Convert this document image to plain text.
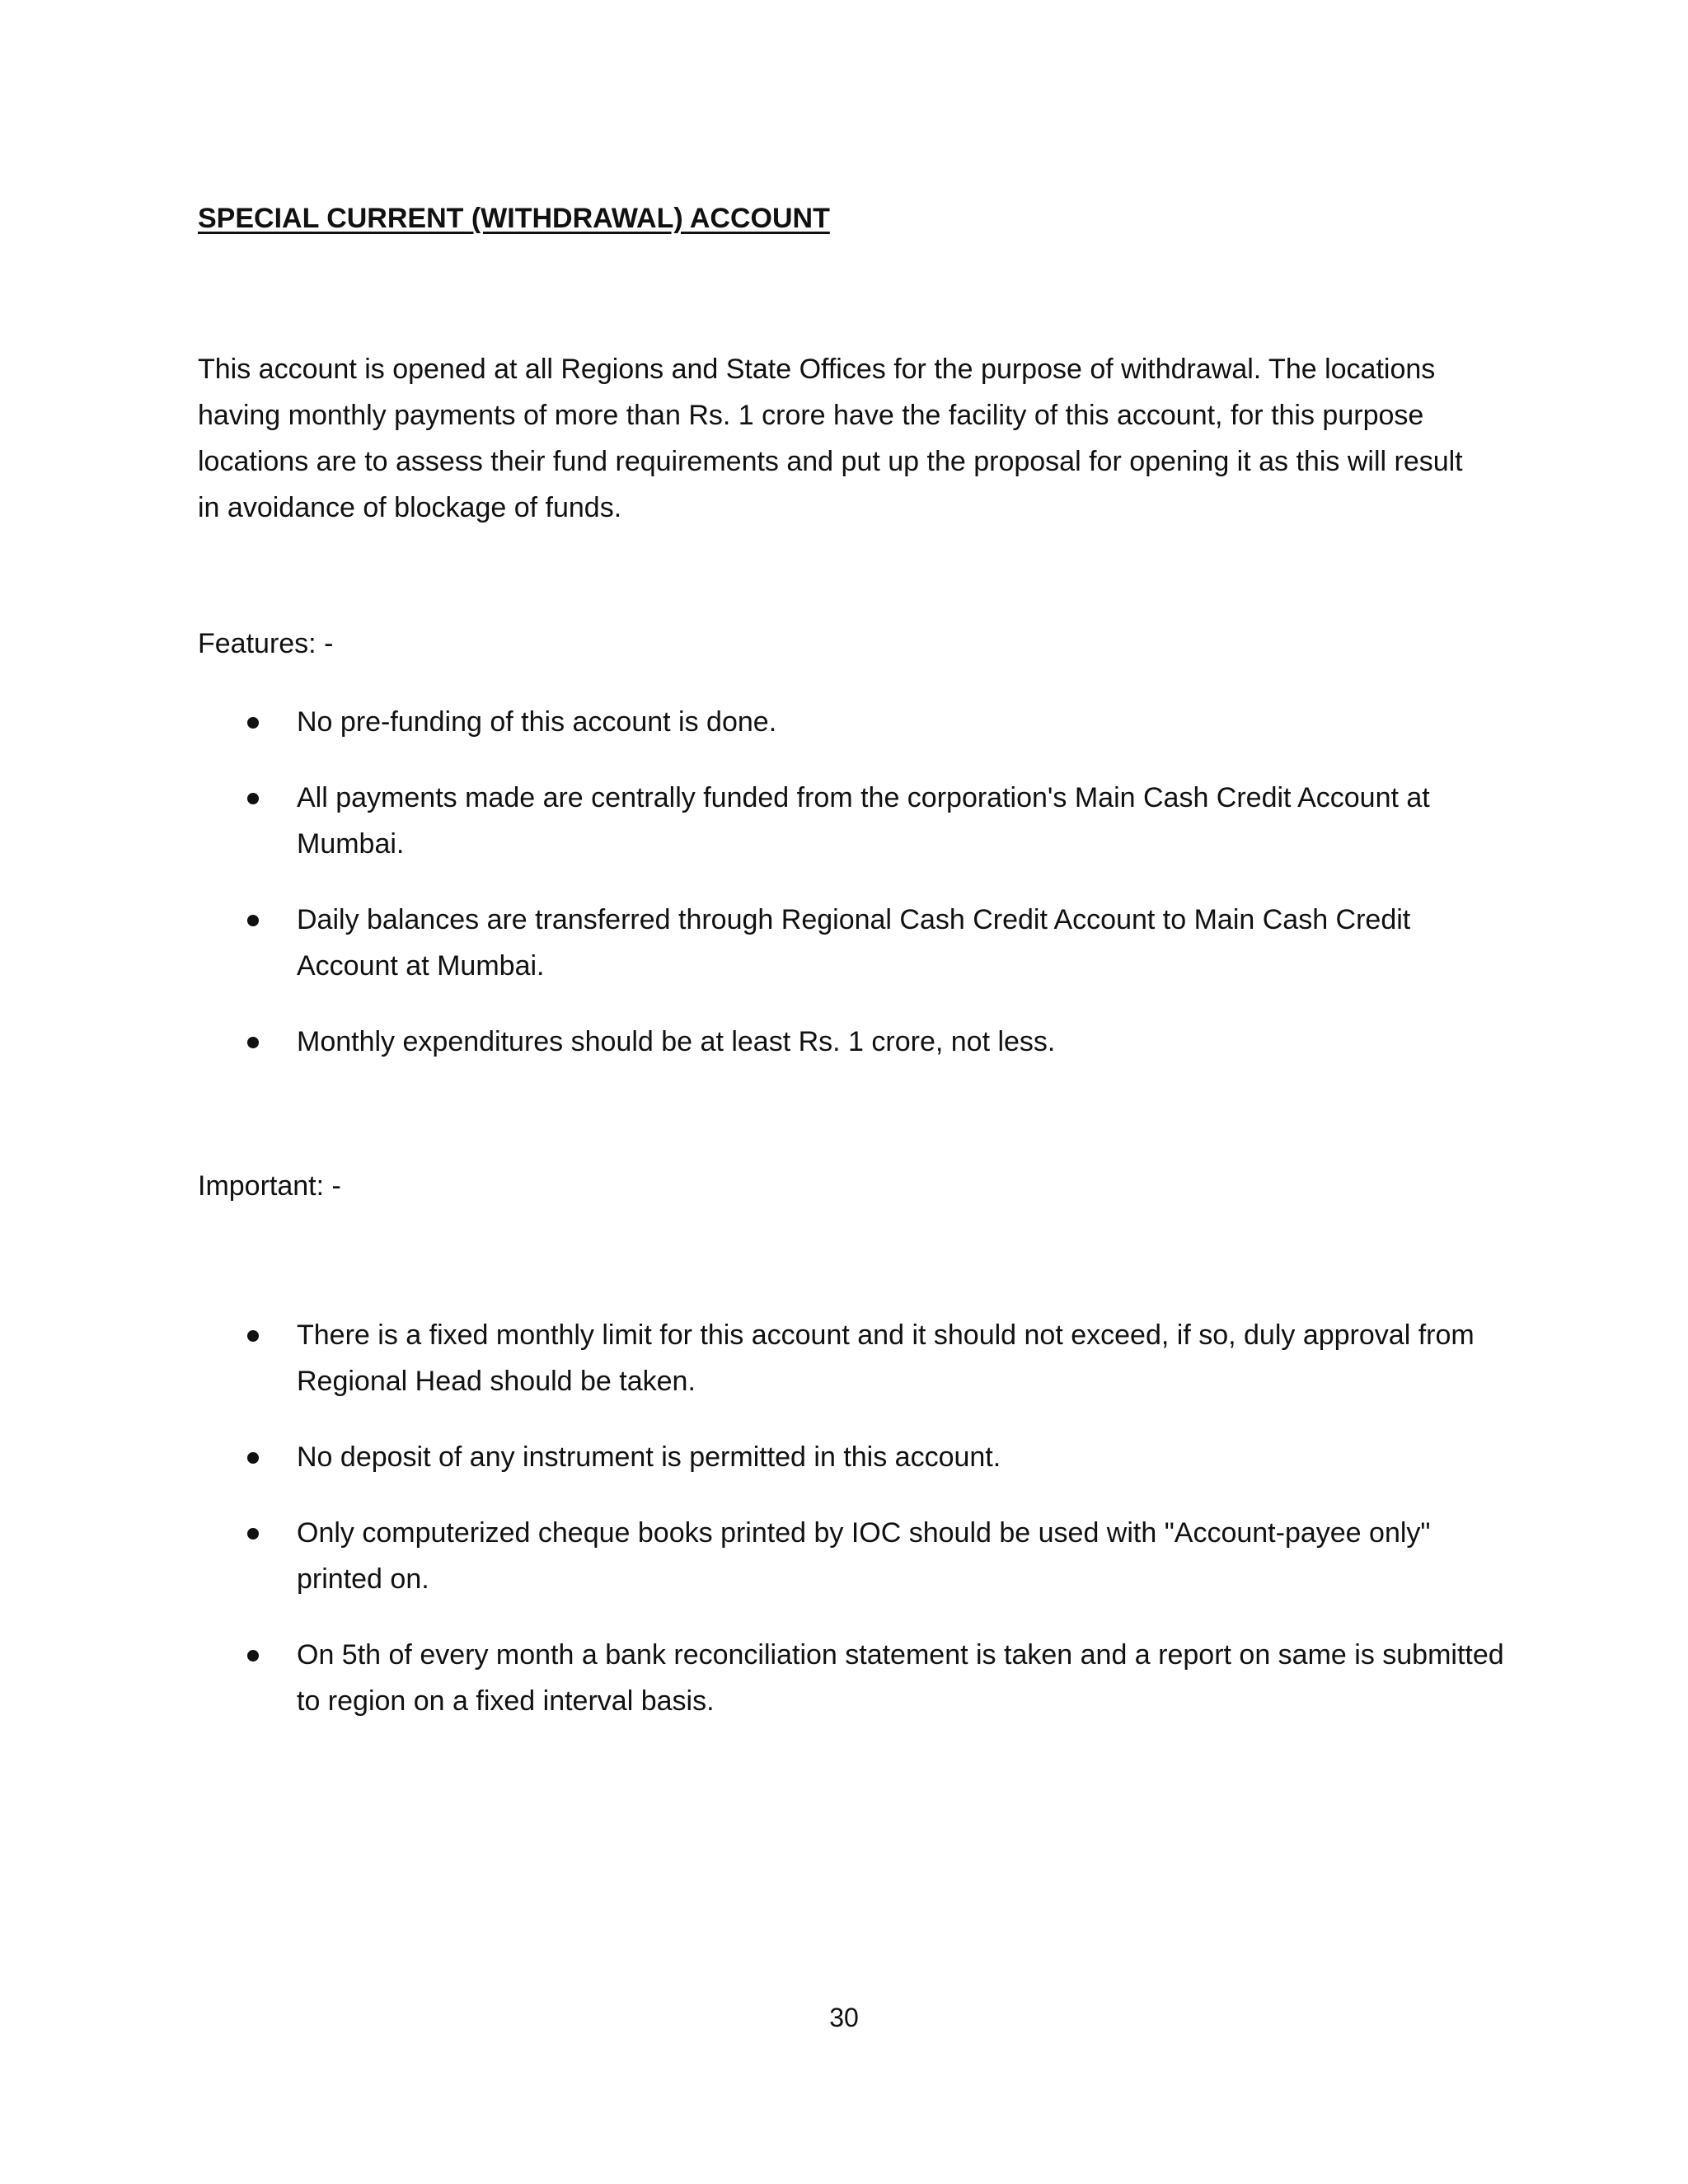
SPECIAL CURRENT (WITHDRAWAL) ACCOUNT
This account is opened at all Regions and State Offices for the purpose of withdrawal. The locations having monthly payments of more than Rs. 1 crore have the facility of this account, for this purpose locations are to assess their fund requirements and put up the proposal for opening it as this will result in avoidance of blockage of funds.
Features: -
No pre-funding of this account is done.
All payments made are centrally funded from the corporation's Main Cash Credit Account at Mumbai.
Daily balances are transferred through Regional Cash Credit Account to Main Cash Credit Account at Mumbai.
Monthly expenditures should be at least Rs. 1 crore, not less.
Important: -
There is a fixed monthly limit for this account and it should not exceed, if so, duly approval from Regional Head should be taken.
No deposit of any instrument is permitted in this account.
Only computerized cheque books printed by IOC should be used with "Account-payee only" printed on.
On 5th of every month a bank reconciliation statement is taken and a report on same is submitted to region on a fixed interval basis.
30
